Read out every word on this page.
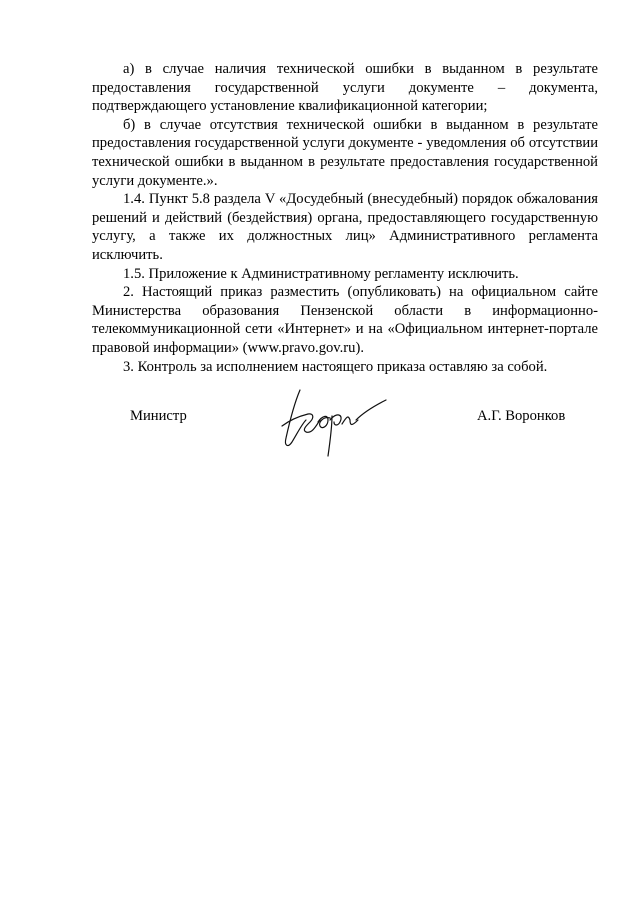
а) в случае наличия технической ошибки в выданном в результате предоставления государственной услуги документе – документа, подтверждающего установление квалификационной категории;

б) в случае отсутствия технической ошибки в выданном в результате предоставления государственной услуги документе - уведомления об отсутствии технической ошибки в выданном в результате предоставления государственной услуги документе.».

1.4. Пункт 5.8 раздела V «Досудебный (внесудебный) порядок обжалования решений и действий (бездействия) органа, предоставляющего государственную услугу, а также их должностных лиц» Административного регламента исключить.

1.5. Приложение к Административному регламенту исключить.

2. Настоящий приказ разместить (опубликовать) на официальном сайте Министерства образования Пензенской области в информационно-телекоммуникационной сети «Интернет» и на «Официальном интернет-портале правовой информации» (www.pravo.gov.ru).

3. Контроль за исполнением настоящего приказа оставляю за собой.

Министр	А.Г. Воронков
